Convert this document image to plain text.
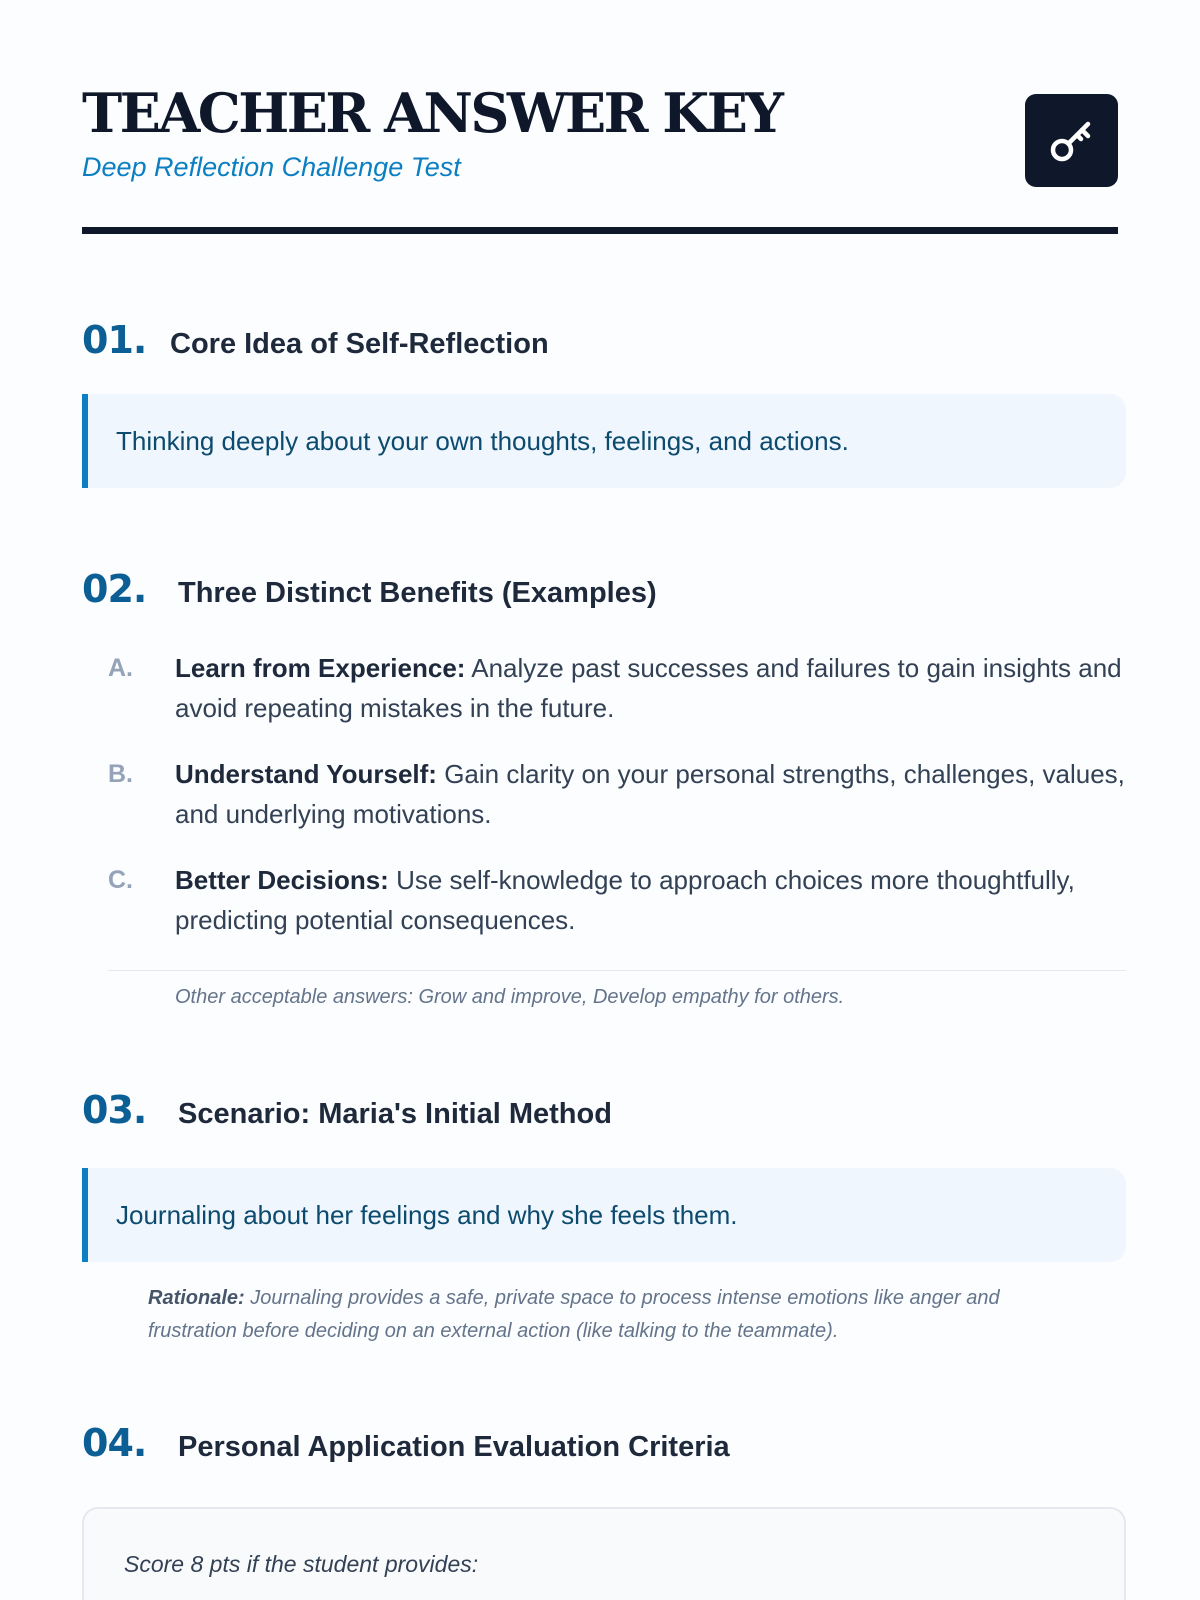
TEACHER ANSWER KEY
Deep Reflection Challenge Test
01. Core Idea of Self-Reflection
Thinking deeply about your own thoughts, feelings, and actions.
02.	Three Distinct Benefits (Examples)
A.	Learn from Experience: Analyze past successes and failures to gain insights and avoid repeating mistakes in the future.
B.	Understand Yourself: Gain clarity on your personal strengths, challenges, values, and underlying motivations.
C.	Better Decisions: Use self-knowledge to approach choices more thoughtfully, predicting potential consequences.
Other acceptable answers: Grow and improve, Develop empathy for others.
03.	Scenario: Maria's Initial Method
Journaling about her feelings and why she feels them.
Rationale: Journaling provides a safe, private space to process intense emotions like anger and frustration before deciding on an external action (like talking to the teammate).
04.	Personal Application Evaluation Criteria
Score 8 pts if the student provides:
